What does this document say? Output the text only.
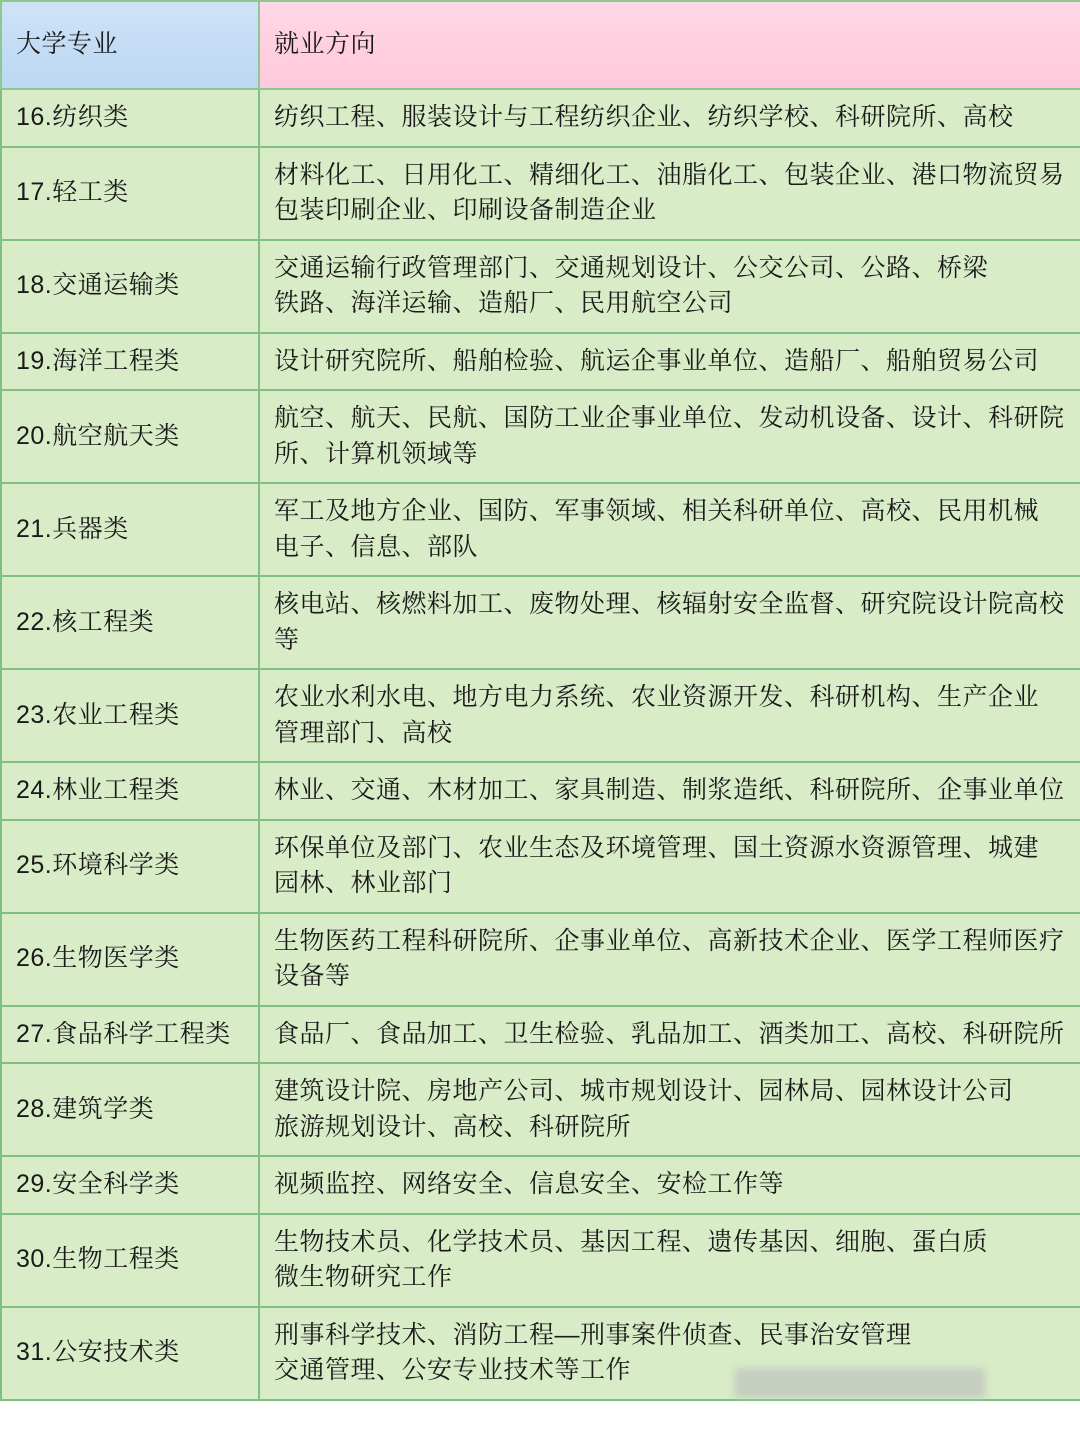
大学专业	就业方向
16.纺织类	纺织工程、服装设计与工程纺织企业、纺织学校、科研院所、高校

17.轻工类	材料化工、日用化工、精细化工、油脂化工、包装企业、港口物流贸易
包装印刷企业、印刷设备制造企业

18.交通运输类	交通运输行政管理部门、交通规划设计、公交公司、公路、桥梁
铁路、海洋运输、造船厂、民用航空公司

19.海洋工程类	设计研究院所、船舶检验、航运企事业单位、造船厂、船舶贸易公司

20.航空航天类	航空、航天、民航、国防工业企事业单位、发动机设备、设计、科研院
所、计算机领域等

21.兵器类	军工及地方企业、国防、军事领域、相关科研单位、高校、民用机械
电子、信息、部队

22.核工程类	核电站、核燃料加工、废物处理、核辐射安全监督、研究院设计院高校
等

23.农业工程类	农业水利水电、地方电力系统、农业资源开发、科研机构、生产企业
管理部门、高校

24.林业工程类	林业、交通、木材加工、家具制造、制浆造纸、科研院所、企事业单位

25.环境科学类	环保单位及部门、农业生态及环境管理、国土资源水资源管理、城建
园林、林业部门

26.生物医学类	生物医药工程科研院所、企事业单位、高新技术企业、医学工程师医疗
设备等

27.食品科学工程类	食品厂、食品加工、卫生检验、乳品加工、酒类加工、高校、科研院所

28.建筑学类	建筑设计院、房地产公司、城市规划设计、园林局、园林设计公司
旅游规划设计、高校、科研院所

29.安全科学类	视频监控、网络安全、信息安全、安检工作等

30.生物工程类	生物技术员、化学技术员、基因工程、遗传基因、细胞、蛋白质
微生物研究工作

31.公安技术类	刑事科学技术、消防工程—刑事案件侦查、民事治安管理
交通管理、公安专业技术等工作
